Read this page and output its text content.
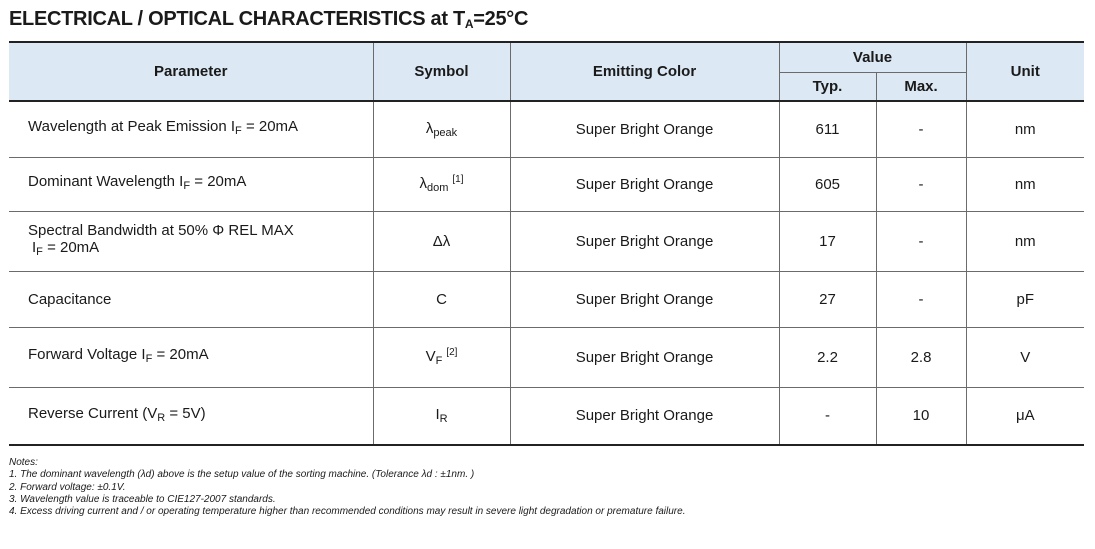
ELECTRICAL / OPTICAL CHARACTERISTICS at $T_A=25^\circ C$
Parameter	Symbol	Emitting Color	Value		Unit
			Typ.	Max.	
Wavelength at Peak Emission $I_F = 20mA$	$\lambda_{peak}$	Super Bright Orange	611	-	nm
Dominant Wavelength $I_F = 20mA$	$\lambda_{dom}[1]$	Super Bright Orange	605	-	nm

Spectral Bandwidth at 50% Φ REL MAX
$I_F = 20mA$	Δλ	Super Bright Orange	17	-	nm
Capacitance	C	Super Bright Orange	27	-	pF
Forward Voltage $I_F = 20mA$	$V_F[2]$	Super Bright Orange	2.2	2.8	V
Reverse Current $(V_R = 5V)$	$I_R$	Super Bright Orange	-	10	μA
Notes:
1. The dominant wavelength (λd) above is the setup value of the sorting machine. (Tolerance λd : ±1nm. )
2. Forward voltage: ±0.1V.
3. Wavelength value is traceable to CIE127-2007 standards.
4. Excess driving current and / or operating temperature higher than recommended conditions may result in severe light degradation or premature failure.
